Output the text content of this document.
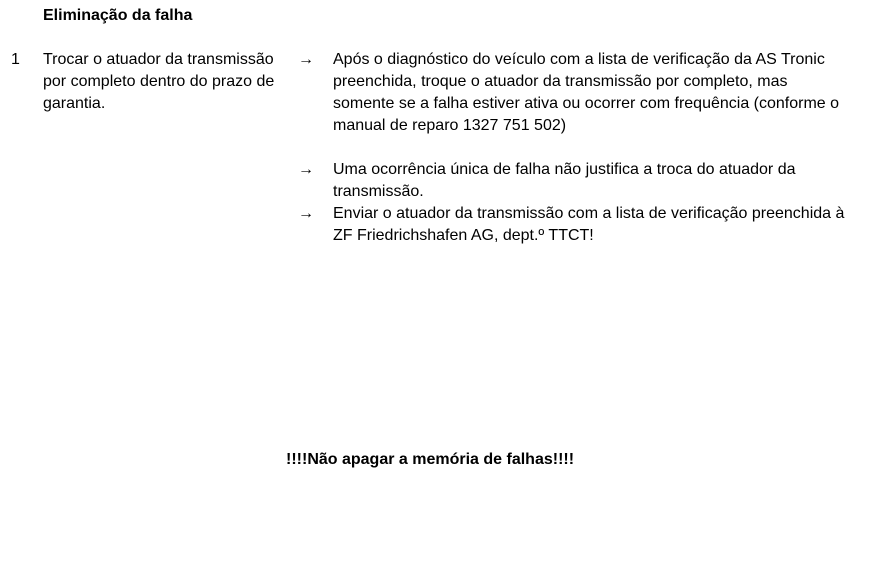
Eliminação da falha
1 Trocar o atuador da transmissão por completo dentro do prazo de garantia.
→ Após o diagnóstico do veículo com a lista de verificação da AS Tronic preenchida, troque o atuador da transmissão por completo, mas somente se a falha estiver ativa ou ocorrer com frequência (conforme o manual de reparo 1327 751 502)
→ Uma ocorrência única de falha não justifica a troca do atuador da transmissão.
→ Enviar o atuador da transmissão com a lista de verificação preenchida à ZF Friedrichshafen AG, dept.º TTCT!
!!!!Não apagar a memória de falhas!!!!
